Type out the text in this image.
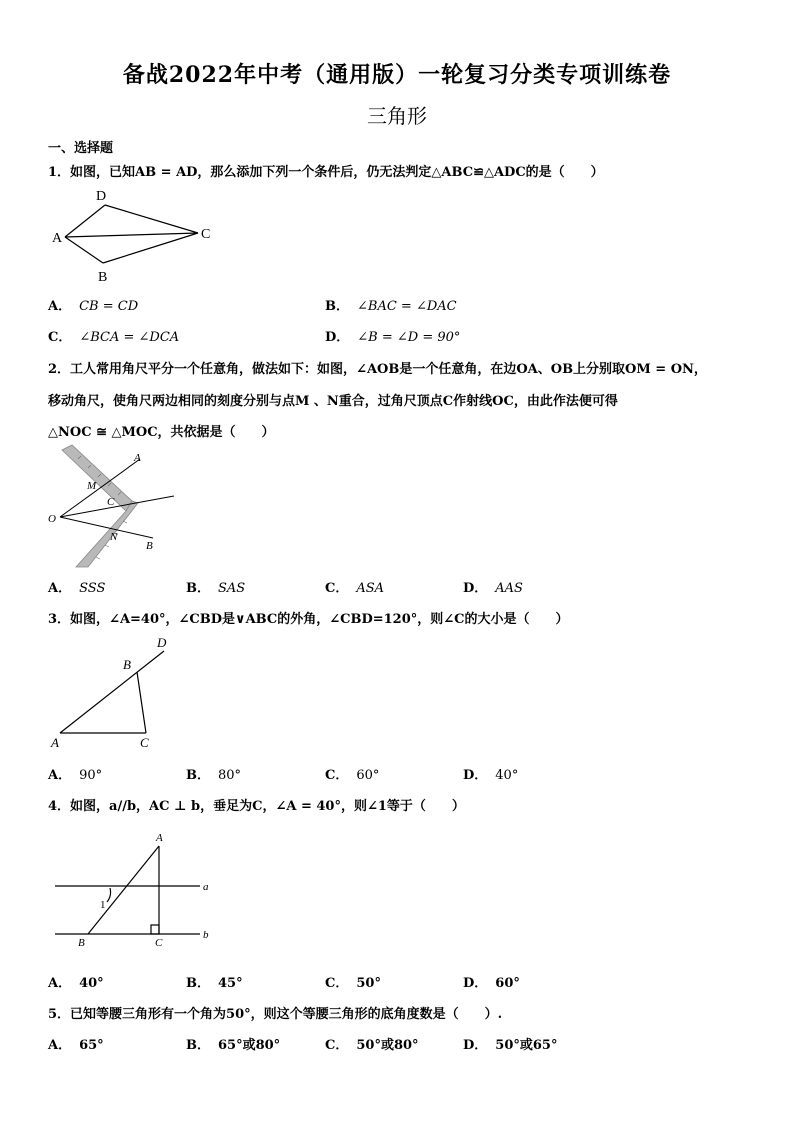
备战2022年中考（通用版）一轮复习分类专项训练卷
三角形
一、选择题
1．如图，已知AB = AD，那么添加下列一个条件后，仍无法判定△ABC≌△ADC的是（　　）
D
A
B
C
A． CB = CD	B． ∠BAC = ∠DAC
C． ∠BCA = ∠DCA	D． ∠B = ∠D = 90°
2．工人常用角尺平分一个任意角，做法如下：如图，∠AOB是一个任意角，在边OA、OB上分别取OM = ON，
移动角尺，使角尺两边相同的刻度分别与点M 、N重合，过角尺顶点C作射线OC，由此作法便可得
△NOC ≅ △MOC，共依据是（　　）
A
M
C
O
N
B
A． SSS	B． SAS	C． ASA	D． AAS
3．如图，∠A=40°，∠CBD是∨ABC的外角，∠CBD=120°，则∠C的大小是（　　）
D
B
A	C
A． 90°	B． 80°	C． 60°	D． 40°
4．如图，a//b，AC ⊥ b，垂足为C，∠A = 40°，则∠1等于（　　）
A
a
1
B	C
b
A． 40°	B． 45°	C． 50°	D． 60°
5．已知等腰三角形有一个角为50°，则这个等腰三角形的底角度数是（　　）.
A． 65°	B． 65°或80°	C． 50°或80°	D． 50°或65°
